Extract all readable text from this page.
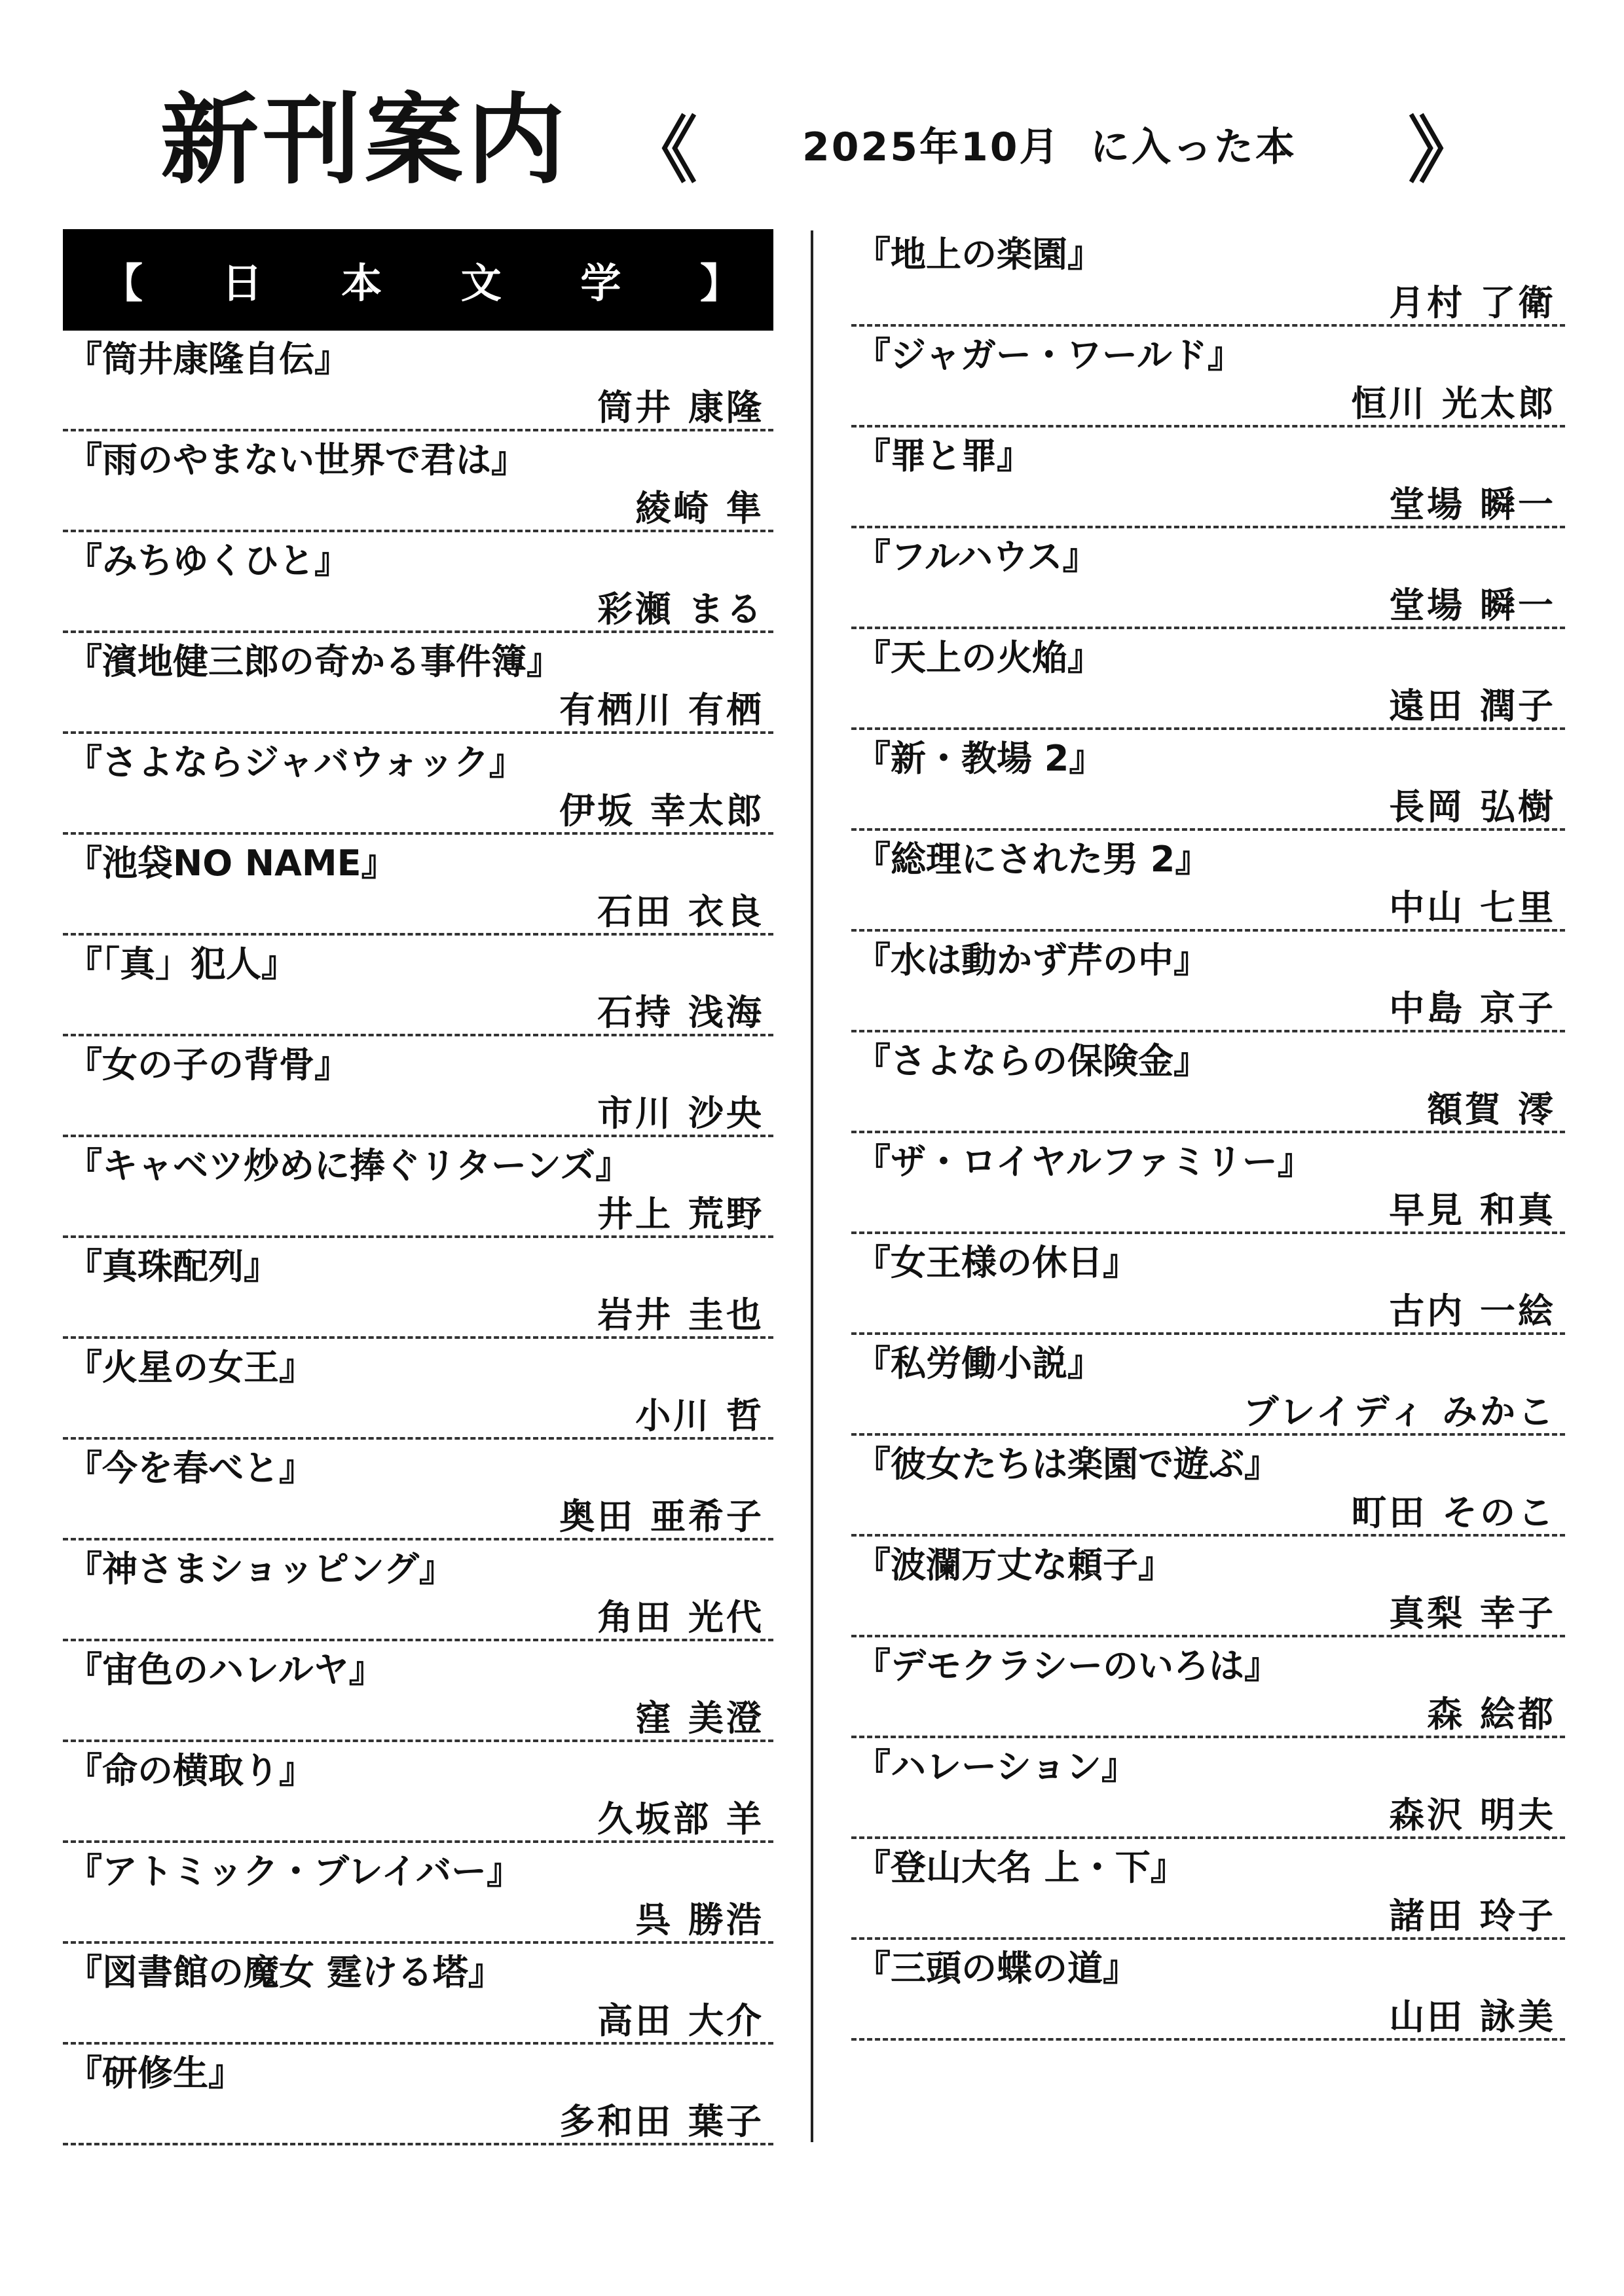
新刊案内 《	2025年10月 に入った本 》
【 日 本 文 学 】
『筒井康隆自伝』
筒井 康隆
『雨のやまない世界で君は』
綾崎 隼
『みちゆくひと』
彩瀬 まる
『濱地健三郎の奇かる事件簿』
有栖川 有栖
『さよならジャバウォック』
伊坂 幸太郎
『池袋NO NAME』
石田 衣良
『「真」犯人』
石持 浅海
『女の子の背骨』
市川 沙央
『キャベツ炒めに捧ぐリターンズ』
井上 荒野
『真珠配列』
岩井 圭也
『火星の女王』
小川 哲
『今を春べと』
奥田 亜希子
『神さまショッピング』
角田 光代
『宙色のハレルヤ』
窪 美澄
『命の横取り』
久坂部 羊
『アトミック・ブレイバー』
呉 勝浩
『図書館の魔女 霆ける塔』
高田 大介
『研修生』
多和田 葉子
『地上の楽園』
月村 了衛
『ジャガー・ワールド』
恒川 光太郎
『罪と罪』
堂場 瞬一
『フルハウス』
堂場 瞬一
『天上の火焔』
遠田 潤子
『新・教場 2』
長岡 弘樹
『総理にされた男 2』
中山 七里
『水は動かず芹の中』
中島 京子
『さよならの保険金』
額賀 澪
『ザ・ロイヤルファミリー』
早見 和真
『女王様の休日』
古内 一絵
『私労働小説』
ブレイディ みかこ
『彼女たちは楽園で遊ぶ』
町田 そのこ
『波瀾万丈な頼子』
真梨 幸子
『デモクラシーのいろは』
森 絵都
『ハレーション』
森沢 明夫
『登山大名 上・下』
諸田 玲子
『三頭の蝶の道』
山田 詠美
